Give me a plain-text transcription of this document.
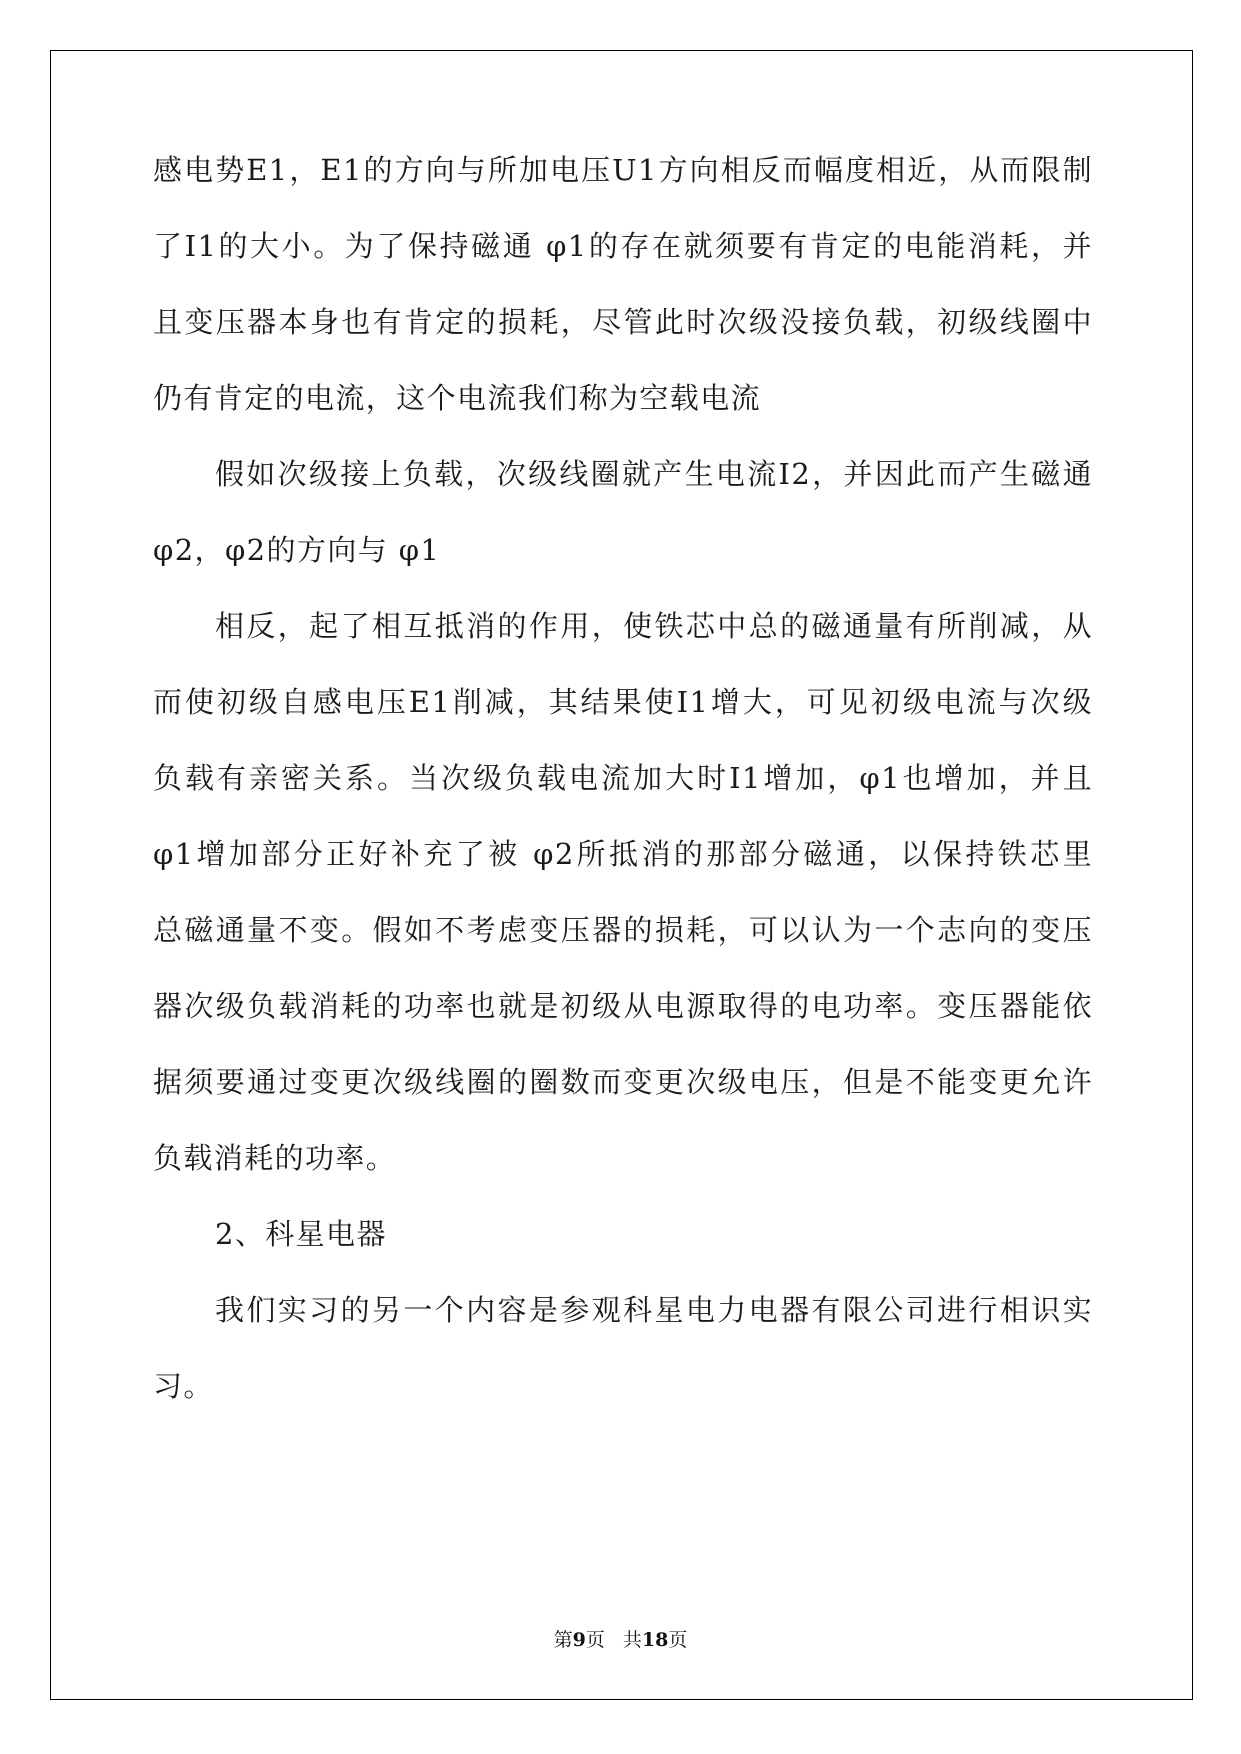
感电势E1，E1的方向与所加电压U1方向相反而幅度相近，从而限制
了I1的大小。为了保持磁通 φ1的存在就须要有肯定的电能消耗，并
且变压器本身也有肯定的损耗，尽管此时次级没接负载，初级线圈中
仍有肯定的电流，这个电流我们称为空载电流
假如次级接上负载，次级线圈就产生电流I2，并因此而产生磁通
φ2，φ2的方向与 φ1
相反，起了相互抵消的作用，使铁芯中总的磁通量有所削减，从
而使初级自感电压E1削减，其结果使I1增大，可见初级电流与次级
负载有亲密关系。当次级负载电流加大时I1增加，φ1也增加，并且
φ1增加部分正好补充了被 φ2所抵消的那部分磁通，以保持铁芯里
总磁通量不变。假如不考虑变压器的损耗，可以认为一个志向的变压
器次级负载消耗的功率也就是初级从电源取得的电功率。变压器能依
据须要通过变更次级线圈的圈数而变更次级电压，但是不能变更允许
负载消耗的功率。
2、科星电器
我们实习的另一个内容是参观科星电力电器有限公司进行相识实
习。
第9页 共18页
